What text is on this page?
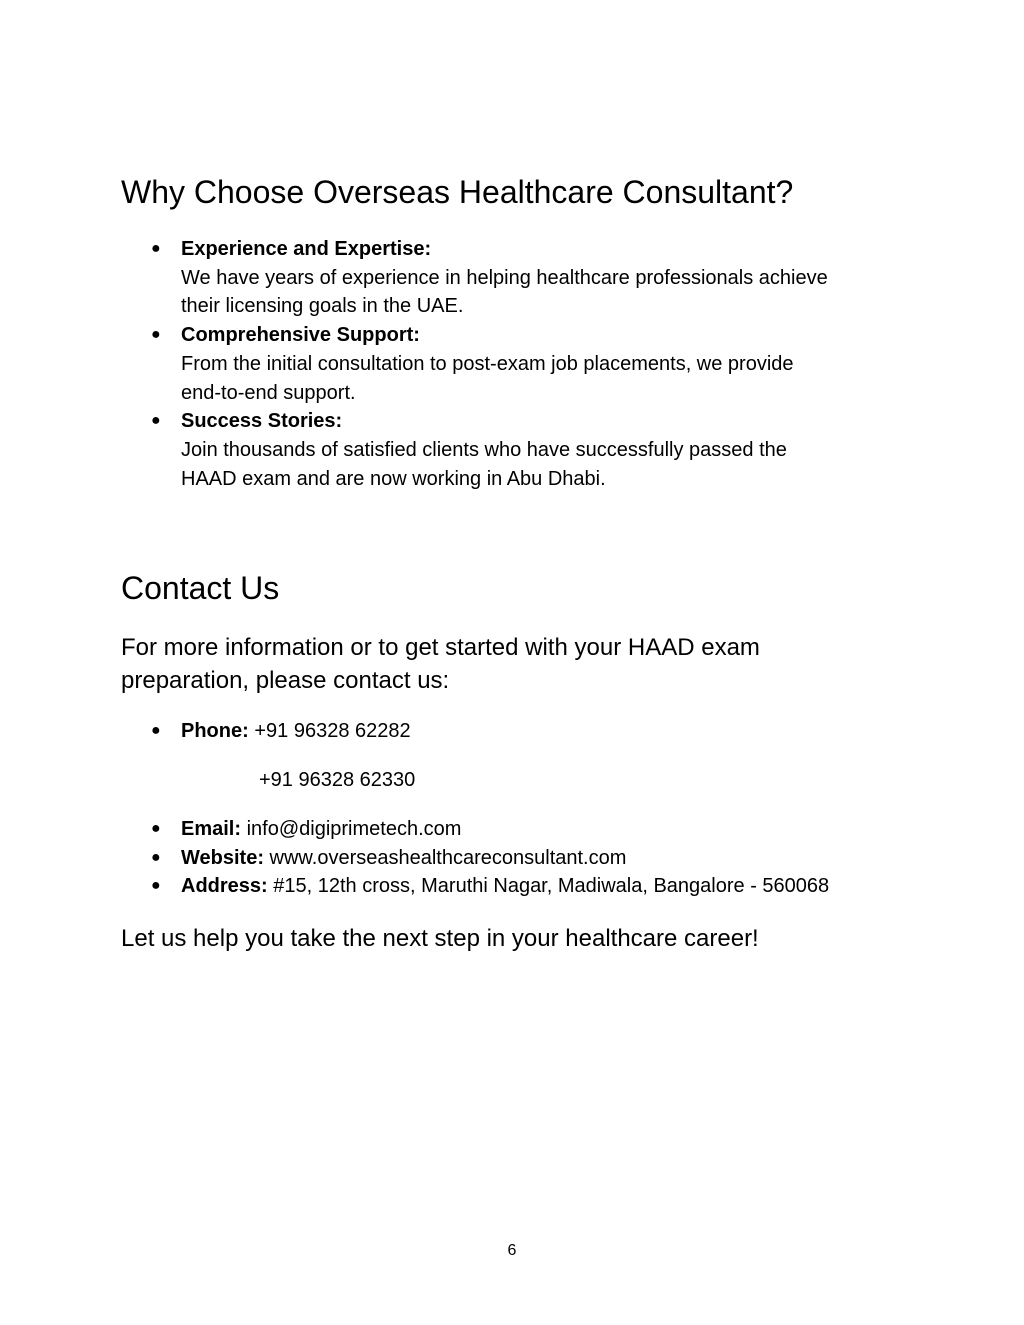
Why Choose Overseas Healthcare Consultant?
● Experience and Expertise:
We have years of experience in helping healthcare professionals achieve
their licensing goals in the UAE.
● Comprehensive Support:
From the initial consultation to post-exam job placements, we provide
end-to-end support.
● Success Stories:
Join thousands of satisfied clients who have successfully passed the
HAAD exam and are now working in Abu Dhabi.
Contact Us

For more information or to get started with your HAAD exam
preparation, please contact us:

● Phone: +91 96328 62282
+91 96328 62330
● Email: info@digiprimetech.com
● Website: www.overseashealthcareconsultant.com
● Address: #15, 12th cross, Maruthi Nagar, Madiwala, Bangalore - 560068

Let us help you take the next step in your healthcare career!

6
